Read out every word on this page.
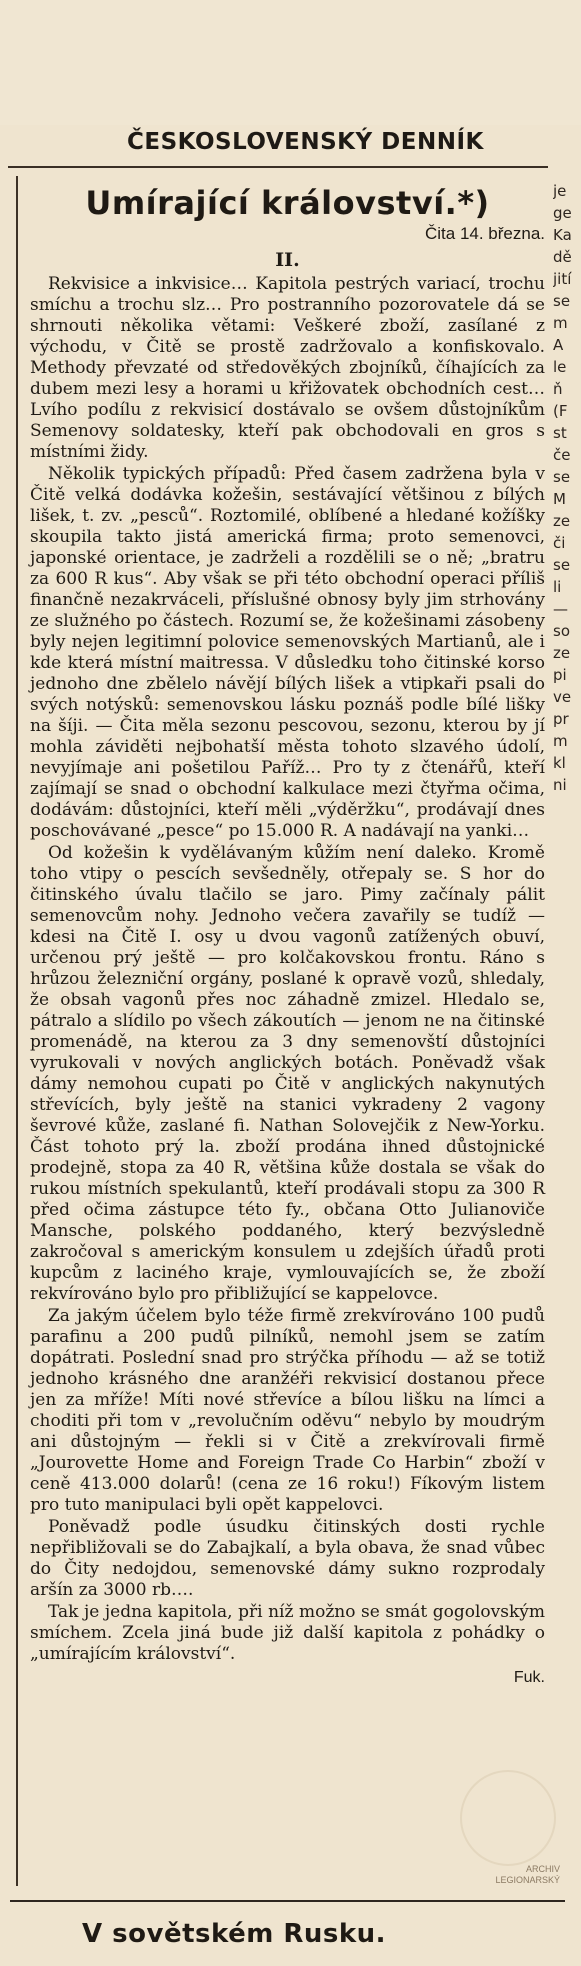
ČESKOSLOVENSKÝ DENNÍK
Umírající království.*)
Čita 14. března.
II.

Rekvisice a inkvisice… Kapitola pestrých variací, trochu smíchu a trochu slz… Pro postranního pozorovatele dá se shrnouti několika větami: Veškeré zboží, zasílané z východu, v Čitě se prostě zadržovalo a konfiskovalo. Methody převzaté od středověkých zbojníků, číhajících za dubem mezi lesy a horami u křižovatek obchodních cest… Lvího podílu z rekvisicí dostávalo se ovšem důstojníkům Semenovy soldatesky, kteří pak obchodovali en gros s místními židy.

Několik typických případů: Před časem zadržena byla v Čitě velká dodávka kožešin, sestávající většinou z bílých lišek, t. zv. „pesců“. Roztomilé, oblíbené a hledané kožíšky skoupila takto jistá americká firma; proto semenovci, japonské orientace, je zadrželi a rozdělili se o ně; „bratru za 600 R kus“. Aby však se při této obchodní operaci příliš finančně nezakrváceli, příslušné obnosy byly jim strhovány ze služného po částech. Rozumí se, že kožešinami zásobeny byly nejen legitimní polovice semenovských Martianů, ale i kde která místní maitressa. V důsledku toho čitinské korso jednoho dne zbělelo návějí bílých lišek a vtipkaři psali do svých notýsků: semenovskou lásku poznáš podle bílé lišky na šíji. — Čita měla sezonu pescovou, sezonu, kterou by jí mohla záviděti nejbohatší města tohoto slzavého údolí, nevyjímaje ani pošetilou Paříž… Pro ty z čtenářů, kteří zajímají se snad o obchodní kalkulace mezi čtyřma očima, dodávám: důstojníci, kteří měli „výděržku“, prodávají dnes poschovávané „pesce“ po 15.000 R. A nadávají na yanki…

Od kožešin k vydělávaným kůžím není daleko. Kromě toho vtipy o pescích sevšedněly, otřepaly se. S hor do čitinského úvalu tlačilo se jaro. Pimy začínaly pálit semenovcům nohy. Jednoho večera zavařily se tudíž — kdesi na Čitě I. osy u dvou vagonů zatížených obuví, určenou prý ještě — pro kolčakovskou frontu. Ráno s hrůzou železniční orgány, poslané k opravě vozů, shledaly, že obsah vagonů přes noc záhadně zmizel. Hledalo se, pátralo a slídilo po všech zákoutích — jenom ne na čitinské promenádě, na kterou za 3 dny semenovští důstojníci vyrukovali v nových anglických botách. Poněvadž však dámy nemohou cupati po Čitě v anglických nakynutých střevících, byly ještě na stanici vykradeny 2 vagony ševrové kůže, zaslané fi. Nathan Solovejčik z New-Yorku. Část tohoto prý la. zboží prodána ihned důstojnické prodejně, stopa za 40 R, většina kůže dostala se však do rukou místních spekulantů, kteří prodávali stopu za 300 R před očima zástupce této fy., občana Otto Julianoviče Mansche, polského poddaného, který bezvýsledně zakročoval s americkým konsulem u zdejších úřadů proti kupcům z laciného kraje, vymlouvajících se, že zboží rekvírováno bylo pro přibližující se kappelovce.

Za jakým účelem bylo téže firmě zrekvírováno 100 pudů parafinu a 200 pudů pilníků, nemohl jsem se zatím dopátrati. Poslední snad pro strýčka příhodu — až se totiž jednoho krásného dne aranžéři rekvisicí dostanou přece jen za mříže! Míti nové střevíce a bílou lišku na límci a choditi při tom v „revolučním oděvu“ nebylo by moudrým ani důstojným — řekli si v Čitě a zrekvírovali firmě „Jourovette Home and Foreign Trade Co Harbin“ zboží v ceně 413.000 dolarů! (cena ze 16 roku!) Fíkovým listem pro tuto manipulaci byli opět kappelovci.

Poněvadž podle úsudku čitinských dosti rychle nepřibližovali se do Zabajkalí, a byla obava, že snad vůbec do Čity nedojdou, semenovské dámy sukno rozprodaly aršín za 3000 rb….

Tak je jedna kapitola, při níž možno se smát gogolovským smíchem. Zcela jiná bude již další kapitola z pohádky o „umírajícím království“.

Fuk.
je
ge
Ka
dě
jití
se
m
A
le
ň
(F
st
če
se
M
ze
či
se
li
—
so
ze
pi
ve
pr
m
kl
ni
ARCHIV
LEGIONARSKÝ
V sovětském Rusku.
